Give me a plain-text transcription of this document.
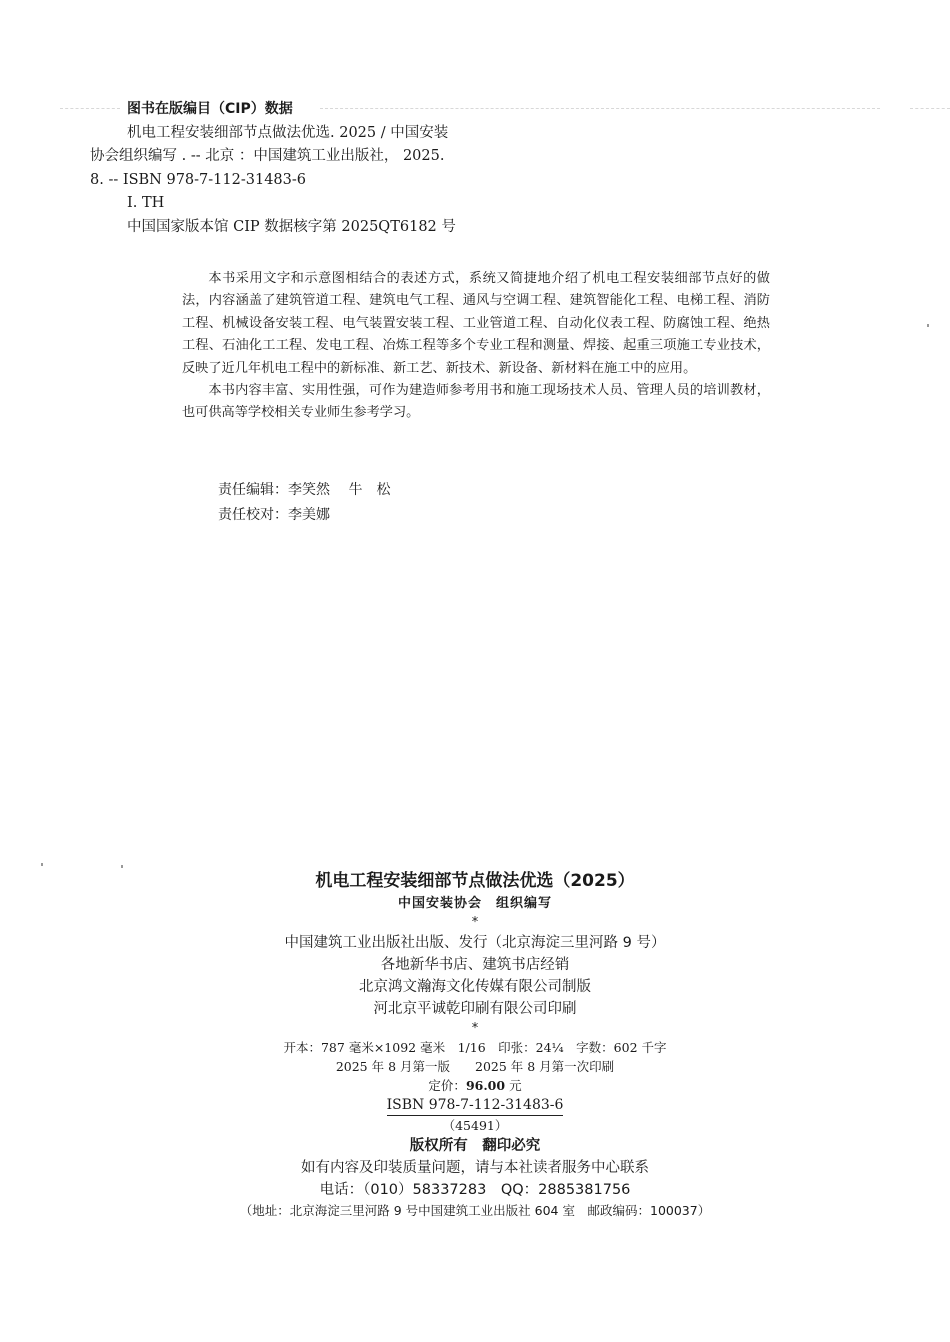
图书在版编目（CIP）数据
机电工程安装细部节点做法优选. 2025 / 中国安装
协会组织编写 . -- 北京 ：中国建筑工业出版社， 2025.
8. -- ISBN 978-7-112-31483-6
Ⅰ. TH
中国国家版本馆 CIP 数据核字第 2025QT6182 号

本书采用文字和示意图相结合的表述方式，系统又简捷地介绍了机电工程安装细部节点好的做法，内容涵盖了建筑管道工程、建筑电气工程、通风与空调工程、建筑智能化工程、电梯工程、消防工程、机械设备安装工程、电气装置安装工程、工业管道工程、自动化仪表工程、防腐蚀工程、绝热工程、石油化工工程、发电工程、冶炼工程等多个专业工程和测量、焊接、起重三项施工专业技术，反映了近几年机电工程中的新标准、新工艺、新技术、新设备、新材料在施工中的应用。

本书内容丰富、实用性强，可作为建造师参考用书和施工现场技术人员、管理人员的培训教材，也可供高等学校相关专业师生参考学习。

责任编辑：李笑然　 牛　松
责任校对：李美娜
机电工程安装细部节点做法优选（2025）
中国安装协会　组织编写
*
中国建筑工业出版社出版、发行（北京海淀三里河路 9 号）
各地新华书店、建筑书店经销
北京鸿文瀚海文化传媒有限公司制版
河北京平诚乾印刷有限公司印刷
*
开本：787 毫米×1092 毫米　1/16　印张：24¼　字数：602 千字
2025 年 8 月第一版　　2025 年 8 月第一次印刷
定价：96.00 元
ISBN 978-7-112-31483-6
（45491）
版权所有　翻印必究
如有内容及印装质量问题，请与本社读者服务中心联系
电话：（010）58337283　QQ：2885381756
（地址：北京海淀三里河路 9 号中国建筑工业出版社 604 室　邮政编码：100037）
